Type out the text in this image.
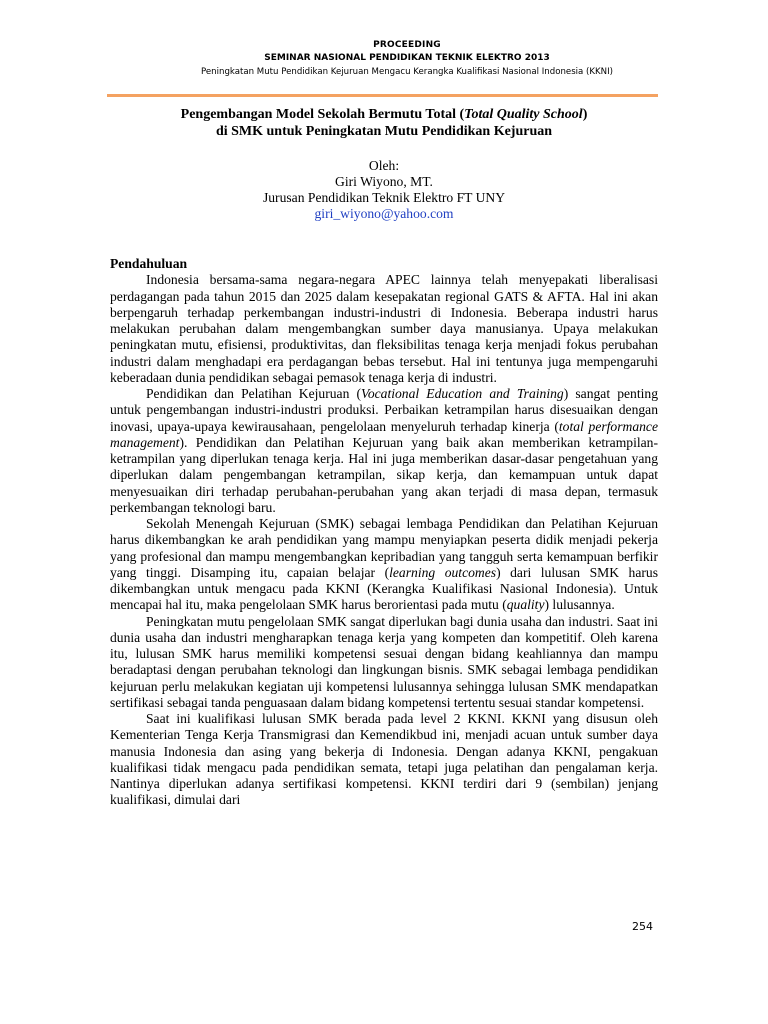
PROCEEDING
SEMINAR NASIONAL PENDIDIKAN TEKNIK ELEKTRO 2013
Peningkatan Mutu Pendidikan Kejuruan Mengacu Kerangka Kualifikasi Nasional Indonesia (KKNI)
Pengembangan Model Sekolah Bermutu Total (Total Quality School)
di SMK untuk Peningkatan Mutu Pendidikan Kejuruan
Oleh:
Giri Wiyono, MT.
Jurusan Pendidikan Teknik Elektro FT UNY
giri_wiyono@yahoo.com
Pendahuluan

Indonesia bersama-sama negara-negara APEC lainnya telah menyepakati liberalisasi perdagangan pada tahun 2015 dan 2025 dalam kesepakatan regional GATS & AFTA. Hal ini akan berpengaruh terhadap perkembangan industri-industri di Indonesia. Beberapa industri harus melakukan perubahan dalam mengembangkan sumber daya manusianya. Upaya melakukan peningkatan mutu, efisiensi, produktivitas, dan fleksibilitas tenaga kerja menjadi fokus perubahan industri dalam menghadapi era perdagangan bebas tersebut. Hal ini tentunya juga mempengaruhi keberadaan dunia pendidikan sebagai pemasok tenaga kerja di industri.

Pendidikan dan Pelatihan Kejuruan (Vocational Education and Training) sangat penting untuk pengembangan industri-industri produksi. Perbaikan ketrampilan harus disesuaikan dengan inovasi, upaya-upaya kewirausahaan, pengelolaan menyeluruh terhadap kinerja (total performance management). Pendidikan dan Pelatihan Kejuruan yang baik akan memberikan ketrampilan-ketrampilan yang diperlukan tenaga kerja. Hal ini juga memberikan dasar-dasar pengetahuan yang diperlukan dalam pengembangan ketrampilan, sikap kerja, dan kemampuan untuk dapat menyesuaikan diri terhadap perubahan-perubahan yang akan terjadi di masa depan, termasuk perkembangan teknologi baru.

Sekolah Menengah Kejuruan (SMK) sebagai lembaga Pendidikan dan Pelatihan Kejuruan harus dikembangkan ke arah pendidikan yang mampu menyiapkan peserta didik menjadi pekerja yang profesional dan mampu mengembangkan kepribadian yang tangguh serta kemampuan berfikir yang tinggi. Disamping itu, capaian belajar (learning outcomes) dari lulusan SMK harus dikembangkan untuk mengacu pada KKNI (Kerangka Kualifikasi Nasional Indonesia). Untuk mencapai hal itu, maka pengelolaan SMK harus berorientasi pada mutu (quality) lulusannya.

Peningkatan mutu pengelolaan SMK sangat diperlukan bagi dunia usaha dan industri. Saat ini dunia usaha dan industri mengharapkan tenaga kerja yang kompeten dan kompetitif. Oleh karena itu, lulusan SMK harus memiliki kompetensi sesuai dengan bidang keahliannya dan mampu beradaptasi dengan perubahan teknologi dan lingkungan bisnis. SMK sebagai lembaga pendidikan kejuruan perlu melakukan kegiatan uji kompetensi lulusannya sehingga lulusan SMK mendapatkan sertifikasi sebagai tanda penguasaan dalam bidang kompetensi tertentu sesuai standar kompetensi.

Saat ini kualifikasi lulusan SMK berada pada level 2 KKNI. KKNI yang disusun oleh Kementerian Tenga Kerja Transmigrasi dan Kemendikbud ini, menjadi acuan untuk sumber daya manusia Indonesia dan asing yang bekerja di Indonesia. Dengan adanya KKNI, pengakuan kualifikasi tidak mengacu pada pendidikan semata, tetapi juga pelatihan dan pengalaman kerja. Nantinya diperlukan adanya sertifikasi kompetensi. KKNI terdiri dari 9 (sembilan) jenjang kualifikasi, dimulai dari

254
